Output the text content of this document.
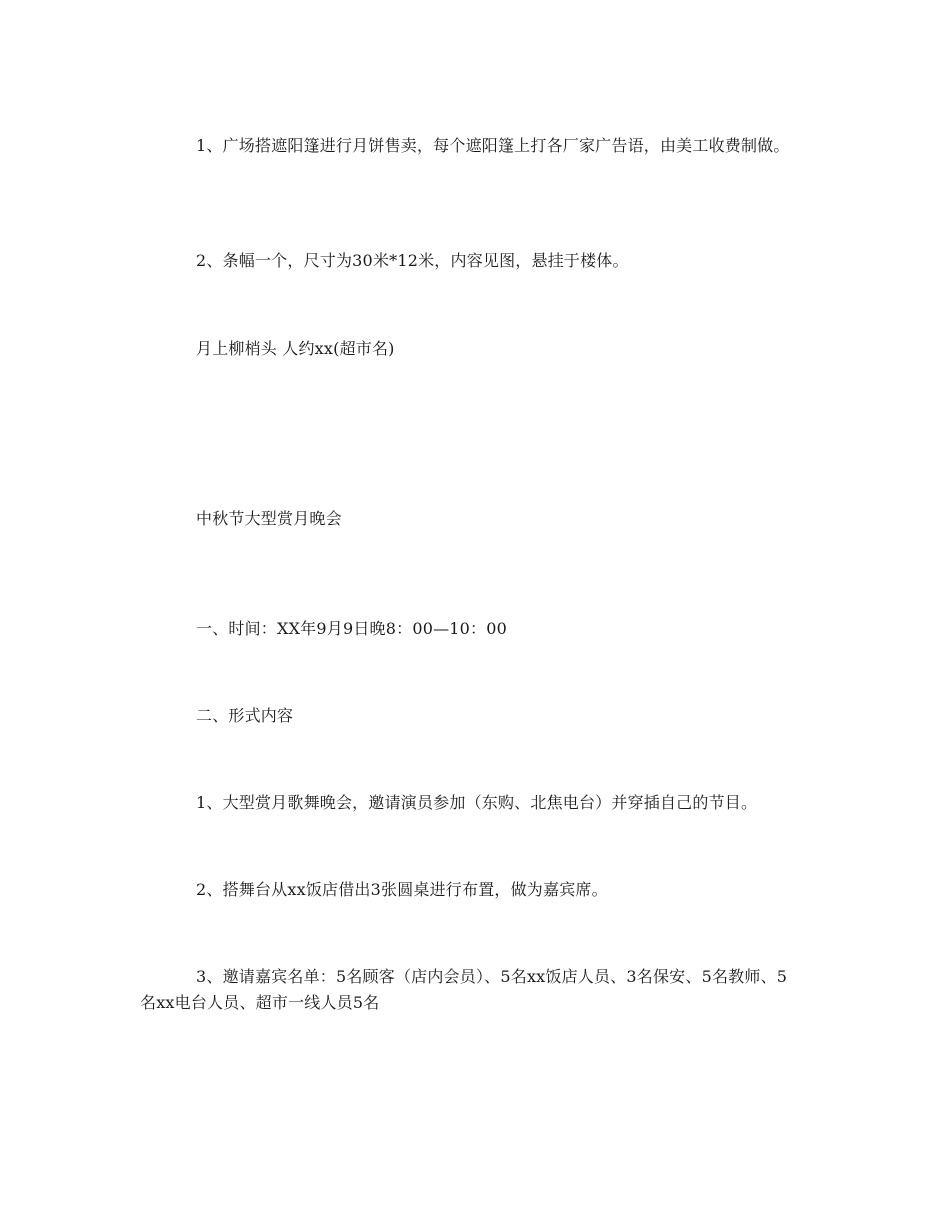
1、广场搭遮阳篷进行月饼售卖，每个遮阳篷上打各厂家广告语，由美工收费制做。

2、条幅一个，尺寸为30米*12米，内容见图，悬挂于楼体。

月上柳梢头 人约xx(超市名)

中秋节大型赏月晚会

一、时间：XX年9月9日晚8：00—10：00

二、形式内容

1、大型赏月歌舞晚会，邀请演员参加（东购、北焦电台）并穿插自己的节目。

2、搭舞台从xx饭店借出3张圆桌进行布置，做为嘉宾席。

3、邀请嘉宾名单：5名顾客（店内会员）、5名xx饭店人员、3名保安、5名教师、5名xx电台人员、超市一线人员5名
